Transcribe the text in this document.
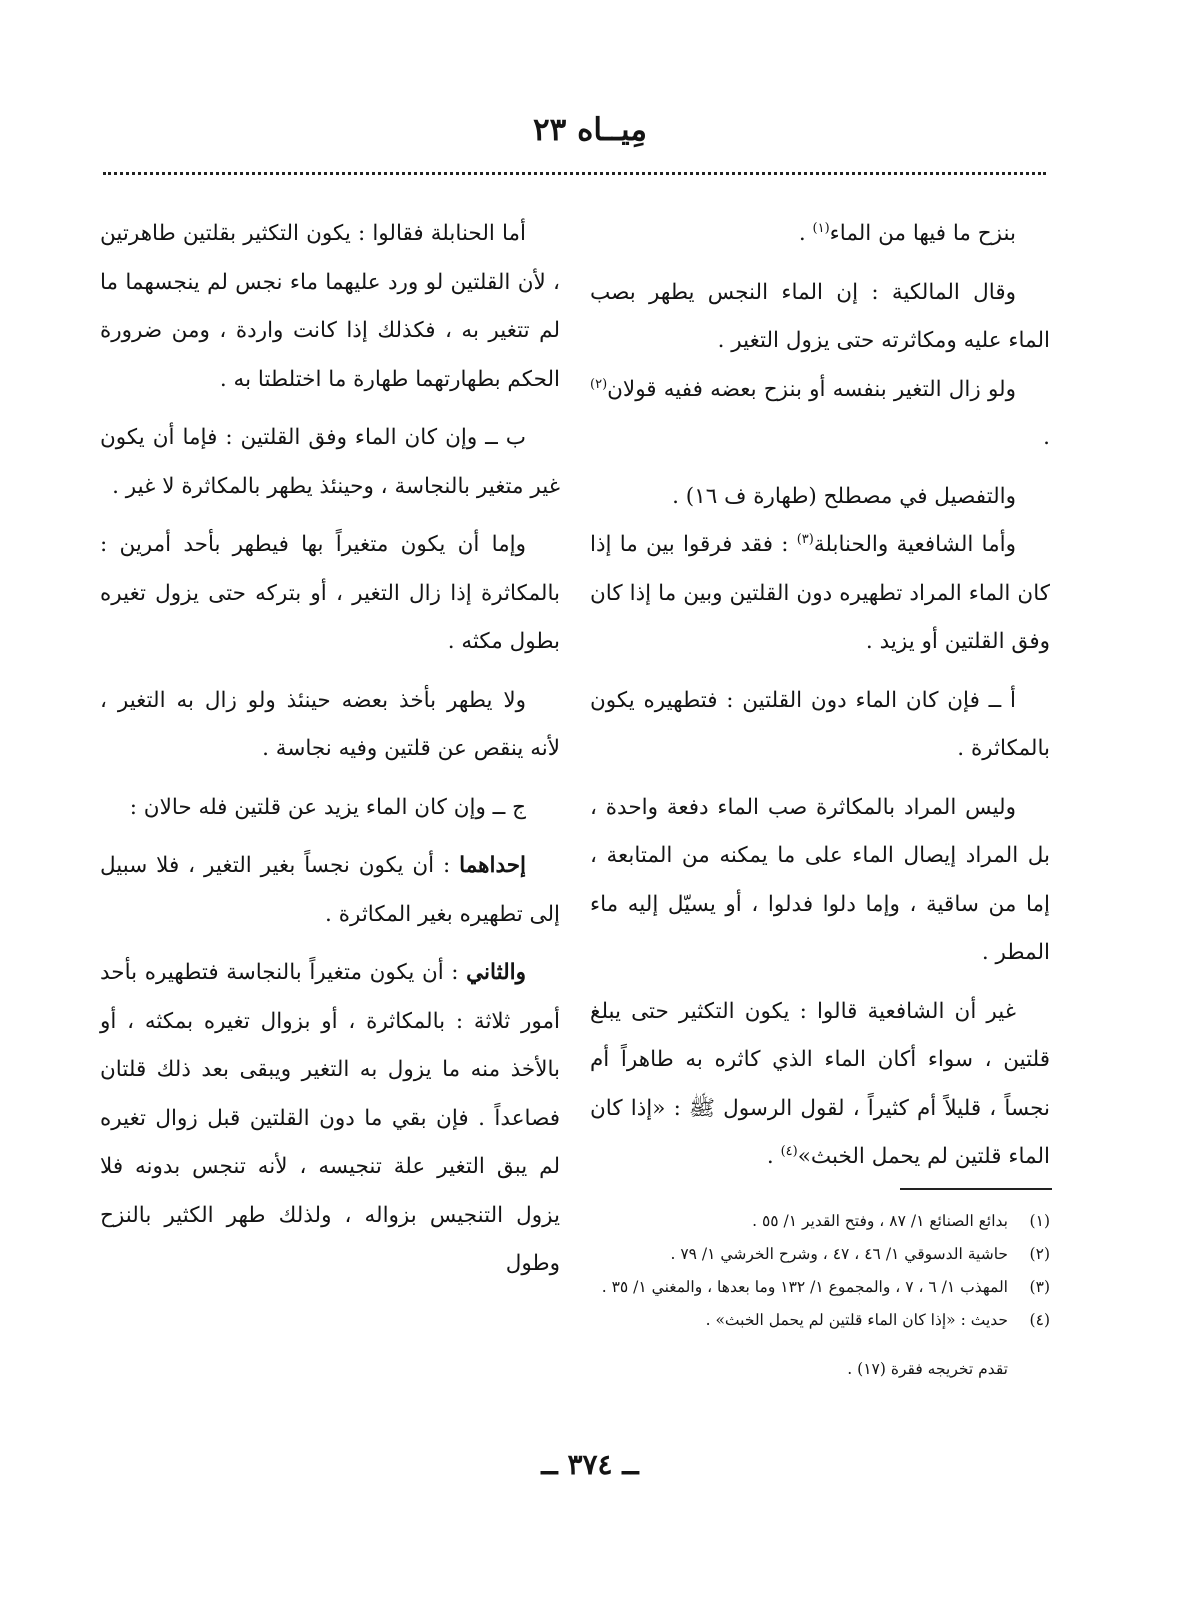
مِيــاه ٢٣

بنزح ما فيها من الماء$^{(١)}$ .

وقال المالكية : إن الماء النجس يطهر بصب الماء عليه ومكاثرته حتى يزول التغير .

ولو زال التغير بنفسه أو بنزح بعضه ففيه قولان$^{(٢)}$ .

والتفصيل في مصطلح (طهارة ف ١٦) .

وأما الشافعية والحنابلة$^{(٣)}$ : فقد فرقوا بين ما إذا كان الماء المراد تطهيره دون القلتين وبين ما إذا كان وفق القلتين أو يزيد .

أ ــ فإن كان الماء دون القلتين : فتطهيره يكون بالمكاثرة .

وليس المراد بالمكاثرة صب الماء دفعة واحدة ، بل المراد إيصال الماء على ما يمكنه من المتابعة ، إما من ساقية ، وإما دلوا فدلوا ، أو يسيّل إليه ماء المطر .

غير أن الشافعية قالوا : يكون التكثير حتى يبلغ قلتين ، سواء أكان الماء الذي كاثره به طاهراً أم نجساً ، قليلاً أم كثيراً ، لقول الرسول ﷺ : «إذا كان الماء قلتين لم يحمل الخبث»$^{(٤)}$ .

أما الحنابلة فقالوا : يكون التكثير بقلتين طاهرتين ، لأن القلتين لو ورد عليهما ماء نجس لم ينجسهما ما لم تتغير به ، فكذلك إذا كانت واردة ، ومن ضرورة الحكم بطهارتهما طهارة ما اختلطتا به .

ب ــ وإن كان الماء وفق القلتين : فإما أن يكون غير متغير بالنجاسة ، وحينئذ يطهر بالمكاثرة لا غير .

وإما أن يكون متغيراً بها فيطهر بأحد أمرين : بالمكاثرة إذا زال التغير ، أو بتركه حتى يزول تغيره بطول مكثه .

ولا يطهر بأخذ بعضه حينئذ ولو زال به التغير ، لأنه ينقص عن قلتين وفيه نجاسة .

ج ــ وإن كان الماء يزيد عن قلتين فله حالان :

إحداهما : أن يكون نجساً بغير التغير ، فلا سبيل إلى تطهيره بغير المكاثرة .

والثاني : أن يكون متغيراً بالنجاسة فتطهيره بأحد أمور ثلاثة : بالمكاثرة ، أو بزوال تغيره بمكثه ، أو بالأخذ منه ما يزول به التغير ويبقى بعد ذلك قلتان فصاعداً . فإن بقي ما دون القلتين قبل زوال تغيره لم يبق التغير علة تنجيسه ، لأنه تنجس بدونه فلا يزول التنجيس بزواله ، ولذلك طهر الكثير بالنزح وطول

(١)بدائع الصنائع ١/ ٨٧ ، وفتح القدير ١/ ٥٥ .

(٢)حاشية الدسوقي ١/ ٤٦ ، ٤٧ ، وشرح الخرشي ١/ ٧٩ .

(٣)المهذب ١/ ٦ ، ٧ ، والمجموع ١/ ١٣٢ وما بعدها ، والمغني ١/ ٣٥ .

(٤)حديث : «إذا كان الماء قلتين لم يحمل الخبث» .

تقدم تخريجه فقرة (١٧) .

ــ ٣٧٤ ــ
